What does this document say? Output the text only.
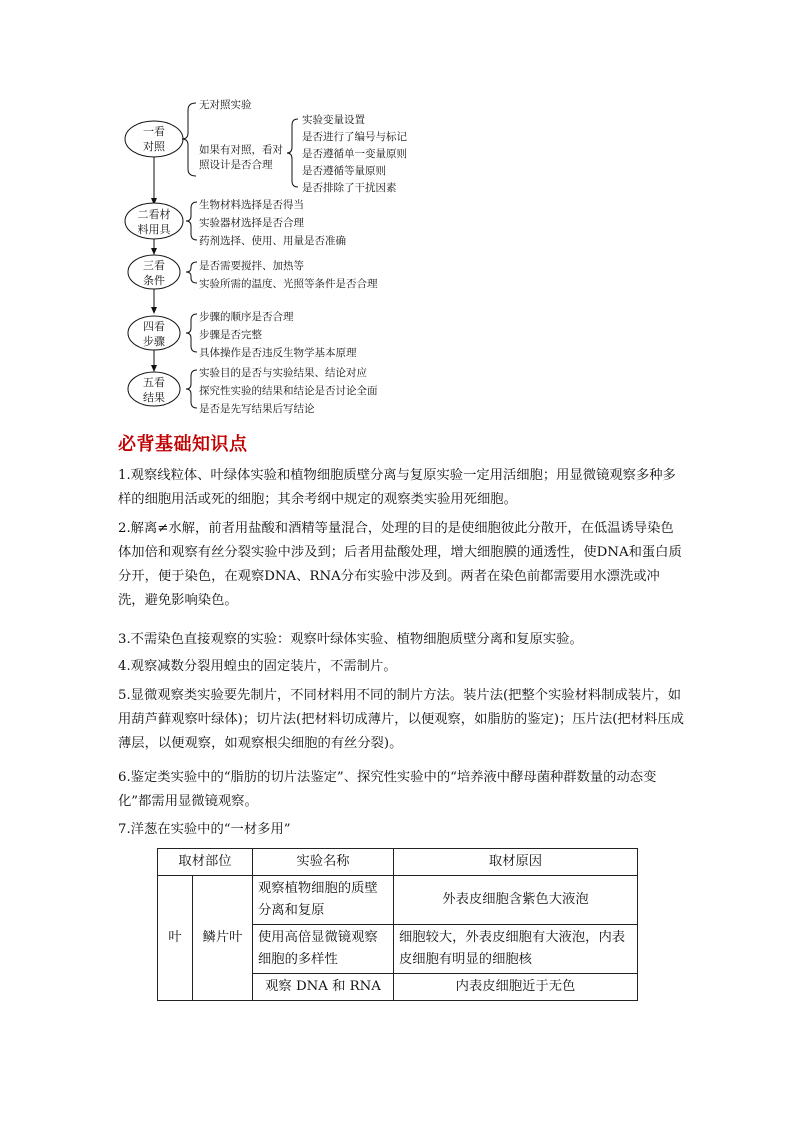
一看
对照
二看材
料用具
三看
条件
四看
步骤
五看
结果
无对照实验
如果有对照，看对
照设计是否合理
实验变量设置
是否进行了编号与标记
是否遵循单一变量原则
是否遵循等量原则
是否排除了干扰因素
生物材料选择是否得当
实验器材选择是否合理
药剂选择、使用、用量是否准确
是否需要搅拌、加热等
实验所需的温度、光照等条件是否合理
步骤的顺序是否合理
步骤是否完整
具体操作是否违反生物学基本原理
实验目的是否与实验结果、结论对应
探究性实验的结果和结论是否讨论全面
是否是先写结果后写结论
必背基础知识点

1.观察线粒体、叶绿体实验和植物细胞质壁分离与复原实验一定用活细胞；用显微镜观察多种多样的细胞用活或死的细胞；其余考纲中规定的观察类实验用死细胞。

2.解离≠水解，前者用盐酸和酒精等量混合，处理的目的是使细胞彼此分散开，在低温诱导染色体加倍和观察有丝分裂实验中涉及到；后者用盐酸处理，增大细胞膜的通透性，使DNA和蛋白质分开，便于染色，在观察DNA、RNA分布实验中涉及到。两者在染色前都需要用水漂洗或冲洗，避免影响染色。

3.不需染色直接观察的实验：观察叶绿体实验、植物细胞质壁分离和复原实验。

4.观察减数分裂用蝗虫的固定装片，不需制片。

5.显微观察类实验要先制片，不同材料用不同的制片方法。装片法(把整个实验材料制成装片，如用葫芦藓观察叶绿体)；切片法(把材料切成薄片，以便观察，如脂肪的鉴定)；压片法(把材料压成薄层，以便观察，如观察根尖细胞的有丝分裂)。

6.鉴定类实验中的“脂肪的切片法鉴定”、探究性实验中的“培养液中酵母菌种群数量的动态变化”都需用显微镜观察。

7.洋葱在实验中的“一材多用”

取材部位		实验名称	取材原因
叶	鳞片叶	观察植物细胞的质壁分离和复原	外表皮细胞含紫色大液泡
		使用高倍显微镜观察细胞的多样性	细胞较大，外表皮细胞有大液泡，内表皮细胞有明显的细胞核
		观察 DNA 和 RNA	内表皮细胞近于无色
